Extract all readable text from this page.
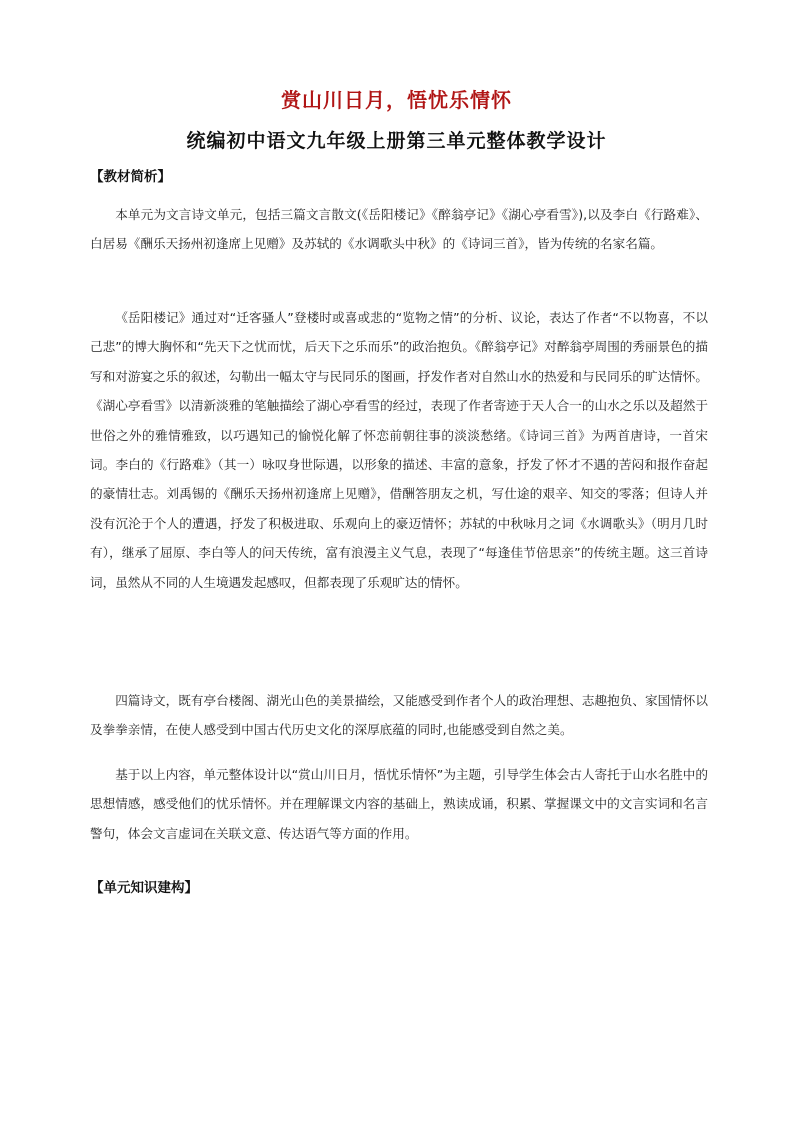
赏山川日月，悟忧乐情怀
统编初中语文九年级上册第三单元整体教学设计
【教材简析】

本单元为文言诗文单元，包括三篇文言散文(《岳阳楼记》《醉翁亭记》《湖心亭看雪》),以及李白《行路难》、白居易《酬乐天扬州初逢席上见赠》及苏轼的《水调歌头中秋》的《诗词三首》，皆为传统的名家名篇。

《岳阳楼记》通过对“迁客骚人”登楼时或喜或悲的“览物之情”的分析、议论，表达了作者“不以物喜，不以己悲”的博大胸怀和“先天下之忧而忧，后天下之乐而乐”的政治抱负。《醉翁亭记》对醉翁亭周围的秀丽景色的描写和对游宴之乐的叙述，勾勒出一幅太守与民同乐的图画，抒发作者对自然山水的热爱和与民同乐的旷达情怀。《湖心亭看雪》以清新淡雅的笔触描绘了湖心亭看雪的经过，表现了作者寄迹于天人合一的山水之乐以及超然于世俗之外的雅情雅致，以巧遇知己的愉悦化解了怀恋前朝往事的淡淡愁绪。《诗词三首》为两首唐诗，一首宋词。李白的《行路难》（其一）咏叹身世际遇，以形象的描述、丰富的意象，抒发了怀才不遇的苦闷和报作奋起的豪情壮志。刘禹锡的《酬乐天扬州初逢席上见赠》，借酬答朋友之机，写仕途的艰辛、知交的零落；但诗人并没有沉沦于个人的遭遇，抒发了积极进取、乐观向上的豪迈情怀；苏轼的中秋咏月之词《水调歌头》（明月几时有），继承了屈原、李白等人的问天传统，富有浪漫主义气息，表现了“每逢佳节倍思亲”的传统主题。这三首诗词，虽然从不同的人生境遇发起感叹，但都表现了乐观旷达的情怀。

四篇诗文，既有亭台楼阁、湖光山色的美景描绘，又能感受到作者个人的政治理想、志趣抱负、家国情怀以及拳拳亲情，在使人感受到中国古代历史文化的深厚底蕴的同时,也能感受到自然之美。

基于以上内容，单元整体设计以“赏山川日月，悟忧乐情怀”为主题，引导学生体会古人寄托于山水名胜中的思想情感，感受他们的忧乐情怀。并在理解课文内容的基础上，熟读成诵，积累、掌握课文中的文言实词和名言警句，体会文言虚词在关联文意、传达语气等方面的作用。

【单元知识建构】
